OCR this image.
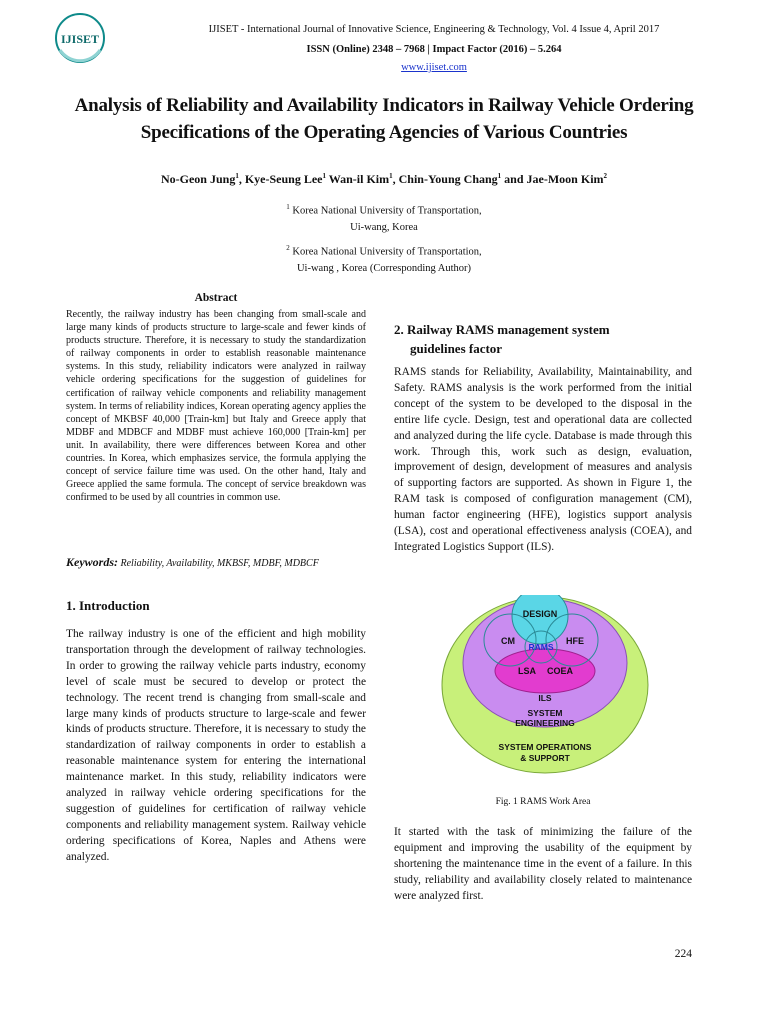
IJISET
IJISET - International Journal of Innovative Science, Engineering & Technology, Vol. 4 Issue 4, April 2017
ISSN (Online) 2348 – 7968 | Impact Factor (2016) – 5.264
www.ijiset.com
Analysis of Reliability and Availability Indicators in Railway Vehicle Ordering Specifications of the Operating Agencies of Various Countries
No-Geon Jung$^1$, Kye-Seung Lee$^1$ Wan-il Kim$^1$, Chin-Young Chang$^1$ and Jae-Moon Kim$^2$
$^1$ Korea National University of Transportation,
Ui-wang, Korea
$^2$ Korea National University of Transportation,
Ui-wang , Korea (Corresponding Author)
Abstract

Recently, the railway industry has been changing from small-scale and large many kinds of products structure to large-scale and fewer kinds of products structure. Therefore, it is necessary to study the standardization of railway components in order to establish reasonable maintenance systems. In this study, reliability indicators were analyzed in railway vehicle ordering specifications for the suggestion of guidelines for certification of railway vehicle components and reliability management system. In terms of reliability indices, Korean operating agency applies the concept of MKBSF 40,000 [Train-km] but Italy and Greece apply that MDBF and MDBCF and MDBF must achieve 160,000 [Train-km] per unit. In availability, there were differences between Korea and other countries. In Korea, which emphasizes service, the formula applying the concept of service failure time was used. On the other hand, Italy and Greece applied the same formula. The concept of service breakdown was confirmed to be used by all countries in common use.

Keywords: Reliability, Availability, MKBSF, MDBF, MDBCF
1. Introduction

The railway industry is one of the efficient and high mobility transportation through the development of railway technologies. In order to growing the railway vehicle parts industry, economy level of scale must be secured to develop or protect the technology. The recent trend is changing from small-scale and large many kinds of products structure to large-scale and fewer kinds of products structure. Therefore, it is necessary to study the standardization of railway components in order to establish a reasonable maintenance system for entering the international maintenance market. In this study, reliability indicators were analyzed in railway vehicle ordering specifications for the suggestion of guidelines for certification of railway vehicle components and reliability management system. Railway vehicle ordering specifications of Korea, Naples and Athens were analyzed.

2. Railway RAMS management system
guidelines factor

RAMS stands for Reliability, Availability, Maintainability, and Safety. RAMS analysis is the work performed from the initial concept of the system to be developed to the disposal in the entire life cycle. Design, test and operational data are collected and analyzed during the life cycle. Database is made through this work. Through this, work such as design, evaluation, improvement of design, development of measures and analysis of supporting factors are supported. As shown in Figure 1, the RAM task is composed of configuration management (CM), human factor engineering (HFE), logistics support analysis (LSA), cost and operational effectiveness analysis (COEA), and Integrated Logistics Support (ILS).

DESIGN
CM	HFE
RAMS
LSA COEA
ILS
SYSTEM
ENGINEERING
SYSTEM OPERATIONS
& SUPPORT
Fig. 1 RAMS Work Area

It started with the task of minimizing the failure of the equipment and improving the usability of the equipment by shortening the maintenance time in the event of a failure. In this study, reliability and availability closely related to maintenance were analyzed first.

224
